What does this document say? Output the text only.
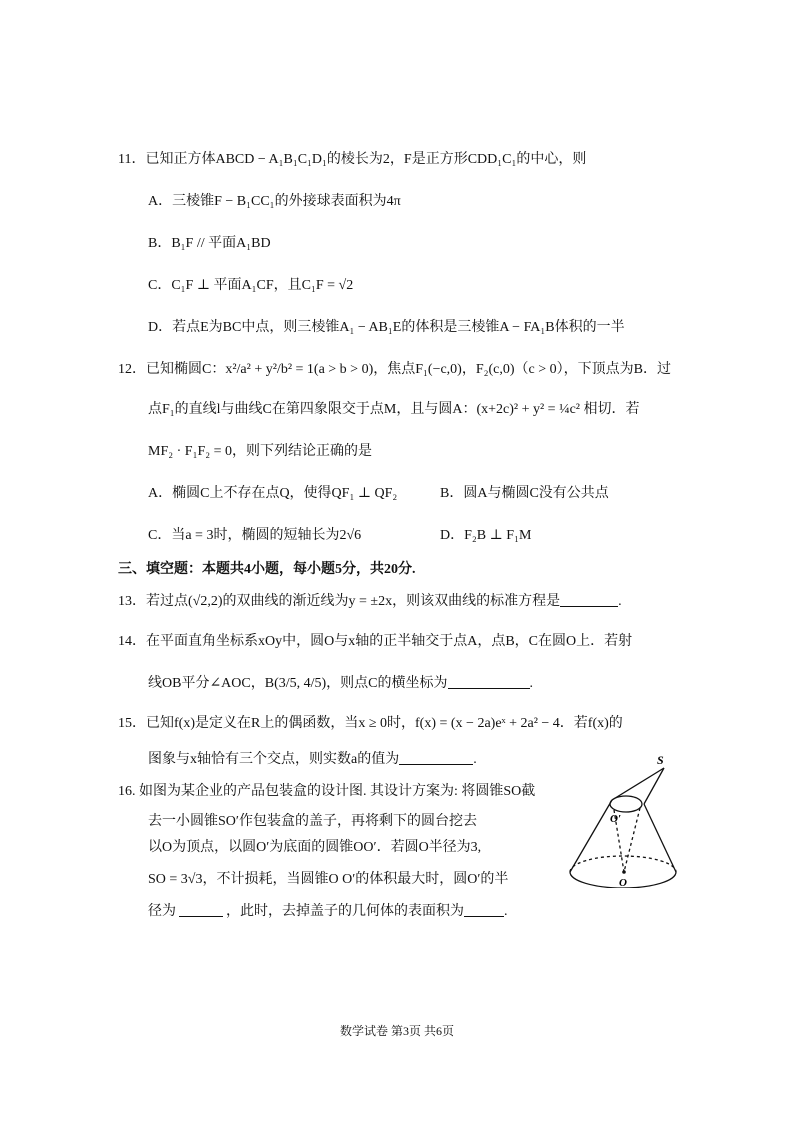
11．已知正方体ABCD − A₁B₁C₁D₁的棱长为2，F是正方形CDD₁C₁的中心，则
A．三棱锥F − B₁CC₁的外接球表面积为4π
B．B₁F // 平面A₁BD
C．C₁F ⊥ 平面A₁CF，且C₁F = √2
D．若点E为BC中点，则三棱锥A₁ − AB₁E的体积是三棱锥A − FA₁B体积的一半
12．已知椭圆C：x²/a² + y²/b² = 1(a > b > 0)，焦点F₁(−c,0)，F₂(c,0)（c > 0），下顶点为B．过
点F₁的直线l与曲线C在第四象限交于点M，且与圆A：(x+2c)² + y² = ¼c² 相切．若
MF₂ · F₁F₂ = 0，则下列结论正确的是
A．椭圆C上不存在点Q，使得QF₁ ⊥ QF₂	B．圆A与椭圆C没有公共点
C．当a = 3时，椭圆的短轴长为2√6	D．F₂B ⊥ F₁M
三、填空题：本题共4小题，每小题5分，共20分.
13．若过点(√2,2)的双曲线的渐近线为y = ±2x，则该双曲线的标准方程是	.
14．在平面直角坐标系xOy中，圆O与x轴的正半轴交于点A，点B，C在圆O上．若射
线OB平分∠AOC，B(3/5, 4/5)，则点C的横坐标为	.
15．已知f(x)是定义在R上的偶函数，当x ≥ 0时，f(x) = (x − 2a)eˣ + 2a² − 4．若f(x)的
图象与x轴恰有三个交点，则实数a的值为	.
16. 如图为某企业的产品包装盒的设计图. 其设计方案为: 将圆锥SO截
去一小圆锥SO′作包装盒的盖子，再将剩下的圆台挖去
以O为顶点，以圆O′为底面的圆锥OO′．若圆O半径为3,
SO = 3√3，不计损耗，当圆锥O O′的体积最大时，圆O′的半
径为	，此时，去掉盖子的几何体的表面积为	.
S
O′
O
数学试卷 第3页 共6页
